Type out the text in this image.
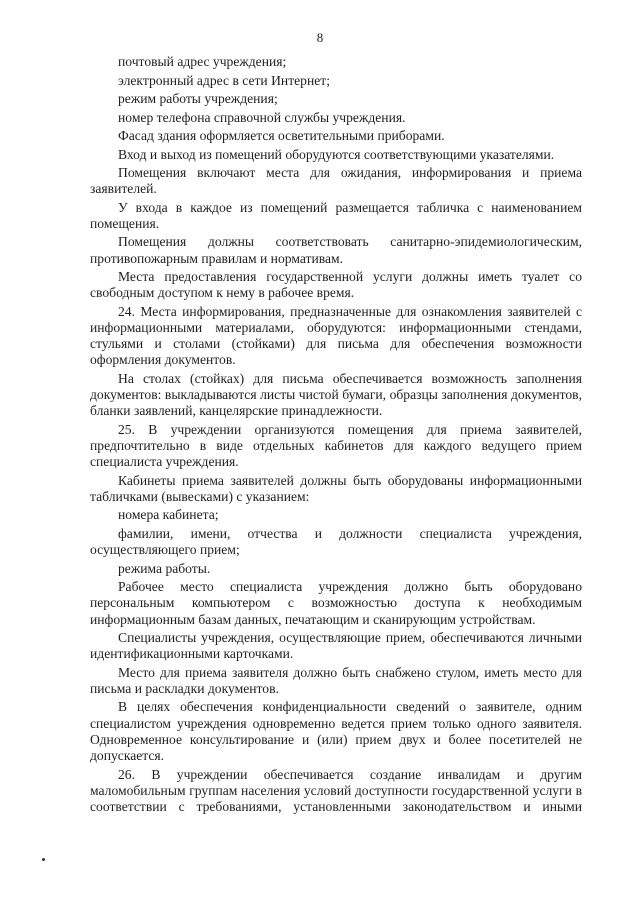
8

почтовый адрес учреждения;

электронный адрес в сети Интернет;

режим работы учреждения;

номер телефона справочной службы учреждения.

Фасад здания оформляется осветительными приборами.

Вход и выход из помещений оборудуются соответствующими указателями.

Помещения включают места для ожидания, информирования и приема заявителей.

У входа в каждое из помещений размещается табличка с наименованием помещения.

Помещения должны соответствовать санитарно-эпидемиологическим, противопожарным правилам и нормативам.

Места предоставления государственной услуги должны иметь туалет со свободным доступом к нему в рабочее время.

24. Места информирования, предназначенные для ознакомления заявителей с информационными материалами, оборудуются: информационными стендами, стульями и столами (стойками) для письма для обеспечения возможности оформления документов.

На столах (стойках) для письма обеспечивается возможность заполнения документов: выкладываются листы чистой бумаги, образцы заполнения документов, бланки заявлений, канцелярские принадлежности.

25. В учреждении организуются помещения для приема заявителей, предпочтительно в виде отдельных кабинетов для каждого ведущего прием специалиста учреждения.

Кабинеты приема заявителей должны быть оборудованы информационными табличками (вывесками) с указанием:

номера кабинета;

фамилии, имени, отчества и должности специалиста учреждения, осуществляющего прием;

режима работы.

Рабочее место специалиста учреждения должно быть оборудовано персональным компьютером с возможностью доступа к необходимым информационным базам данных, печатающим и сканирующим устройствам.

Специалисты учреждения, осуществляющие прием, обеспечиваются личными идентификационными карточками.

Место для приема заявителя должно быть снабжено стулом, иметь место для письма и раскладки документов.

В целях обеспечения конфиденциальности сведений о заявителе, одним специалистом учреждения одновременно ведется прием только одного заявителя. Одновременное консультирование и (или) прием двух и более посетителей не допускается.

26. В учреждении обеспечивается создание инвалидам и другим маломобильным группам населения условий доступности государственной услуги в соответствии с требованиями, установленными законодательством и иными
